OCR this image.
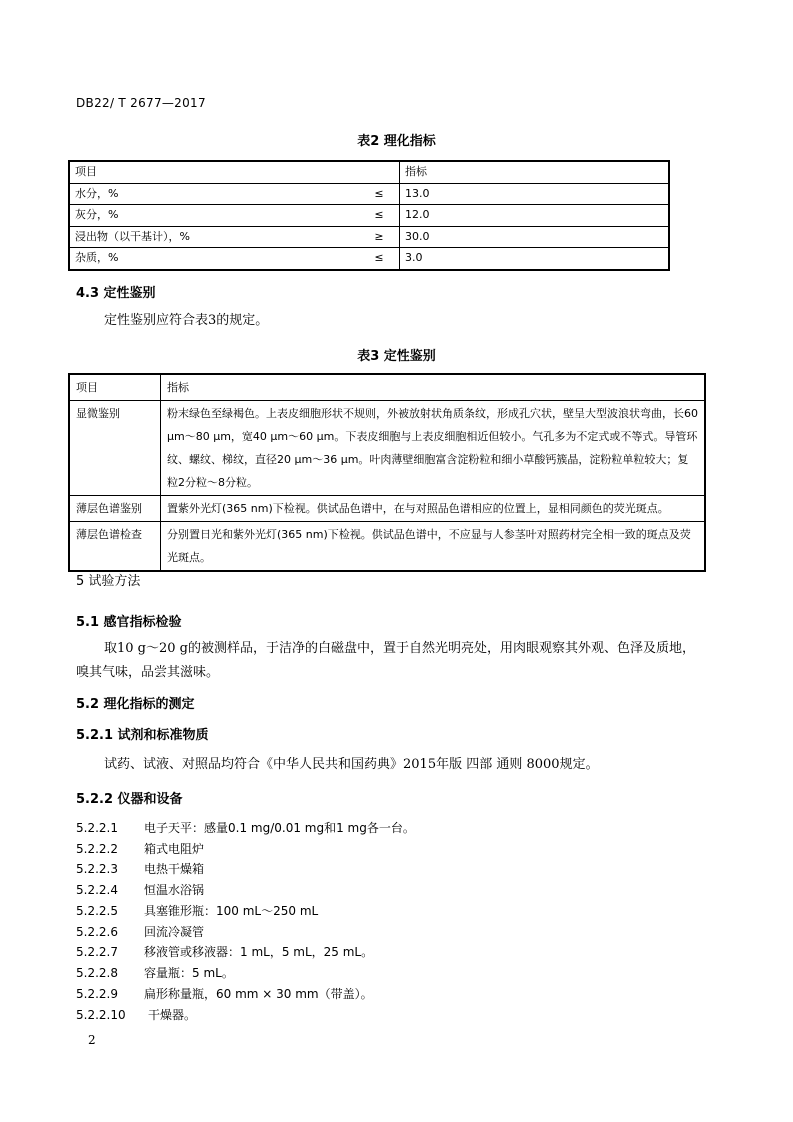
DB22/ T 2677—2017
表2 理化指标
项目		指标
水分，%	≤	13.0
灰分，%	≤	12.0
浸出物（以干基计），%	≥	30.0
杂质，%	≤	3.0
4.3 定性鉴别
定性鉴别应符合表3的规定。
表3 定性鉴别
项目	指标
显微鉴别	粉末绿色至绿褐色。上表皮细胞形状不规则，外被放射状角质条纹，形成孔穴状，壁呈大型波浪状弯曲，长60 μm～80 μm，宽40 μm～60 μm。下表皮细胞与上表皮细胞相近但较小。气孔多为不定式或不等式。导管环纹、螺纹、梯纹，直径20 μm～36 μm。叶肉薄壁细胞富含淀粉粒和细小草酸钙簇晶，淀粉粒单粒较大；复粒2分粒～8分粒。
薄层色谱鉴别	置紫外光灯(365 nm)下检视。供试品色谱中，在与对照品色谱相应的位置上，显相同颜色的荧光斑点。
薄层色谱检查	分别置日光和紫外光灯(365 nm)下检视。供试品色谱中，不应显与人参茎叶对照药材完全相一致的斑点及荧光斑点。
5 试验方法
5.1 感官指标检验
取10 g～20 g的被测样品，于洁净的白磁盘中，置于自然光明亮处，用肉眼观察其外观、色泽及质地，嗅其气味，品尝其滋味。
5.2 理化指标的测定
5.2.1 试剂和标准物质
试药、试液、对照品均符合《中华人民共和国药典》2015年版 四部 通则 8000规定。
5.2.2 仪器和设备
5.2.2.1 电子天平：感量0.1 mg/0.01 mg和1 mg各一台。
5.2.2.2 箱式电阻炉
5.2.2.3 电热干燥箱
5.2.2.4 恒温水浴锅
5.2.2.5 具塞锥形瓶：100 mL～250 mL
5.2.2.6 回流冷凝管
5.2.2.7 移液管或移液器：1 mL，5 mL，25 mL。
5.2.2.8 容量瓶：5 mL。
5.2.2.9 扁形称量瓶，60 mm × 30 mm（带盖）。
5.2.2.10 干燥器。
2
